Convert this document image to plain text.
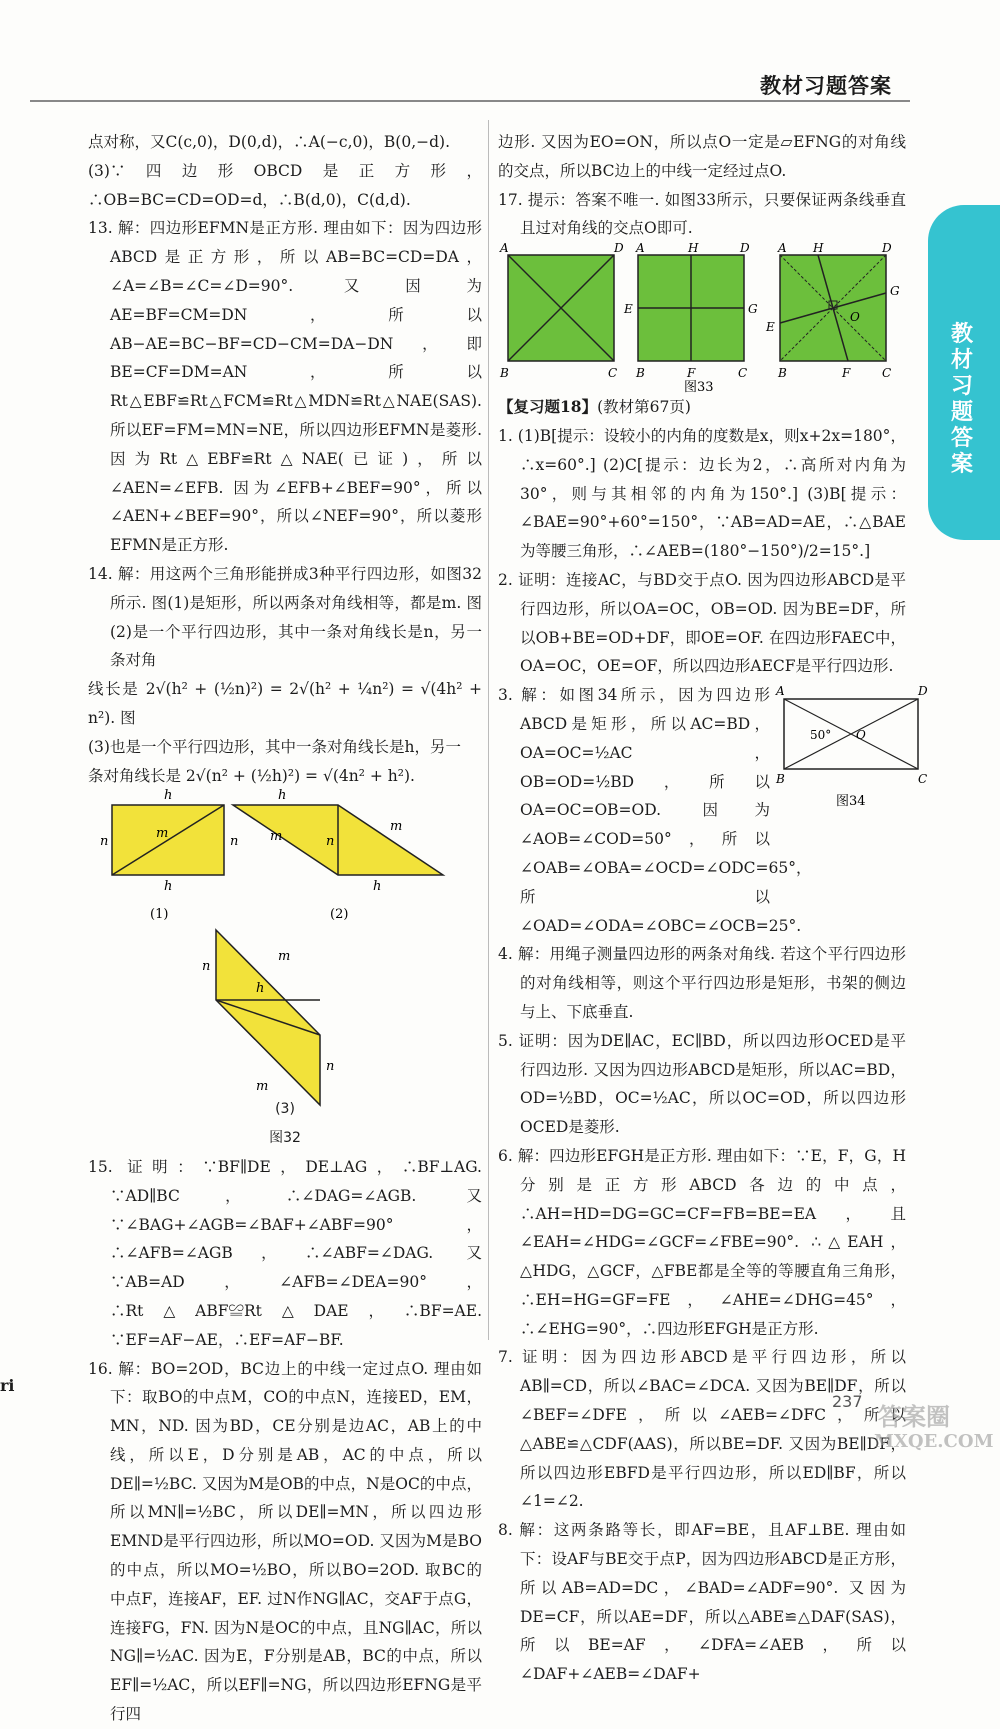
教材习题答案
教材习题答案

点对称，又C(c,0)，D(0,d)，∴A(−c,0)，B(0,−d).

(3)∵四边形OBCD是正方形，∴OB=BC=CD=OD=d，∴B(d,0)，C(d,d).

13. 解：四边形EFMN是正方形. 理由如下：因为四边形ABCD是正方形，所以AB=BC=CD=DA，∠A=∠B=∠C=∠D=90°. 又因为AE=BF=CM=DN，所以AB−AE=BC−BF=CD−CM=DA−DN，即BE=CF=DM=AN，所以Rt△EBF≌Rt△FCM≌Rt△MDN≌Rt△NAE(SAS). 所以EF=FM=MN=NE，所以四边形EFMN是菱形. 因为Rt△EBF≌Rt△NAE(已证)，所以∠AEN=∠EFB. 因为∠EFB+∠BEF=90°，所以∠AEN+∠BEF=90°，所以∠NEF=90°，所以菱形EFMN是正方形.

14. 解：用这两个三角形能拼成3种平行四边形，如图32所示. 图(1)是矩形，所以两条对角线相等，都是m. 图(2)是一个平行四边形，其中一条对角线长是n，另一条对角

线长是 2√(h² + (½n)²) = 2√(h² + ¼n²) = √(4h² + n²). 图

(3)也是一个平行四边形，其中一条对角线长是h，另一

条对角线长是 2√(n² + (½h)²) = √(4n² + h²).

h
h
n	n
m
(1)
h
h
n
m
m
(2)
n
n
h
m
m
(3)
图32

15. 证明：∵BF∥DE，DE⊥AG，∴BF⊥AG. ∵AD∥BC，∴∠DAG=∠AGB. 又∵∠BAG+∠AGB=∠BAF+∠ABF=90°，∴∠AFB=∠AGB，∴∠ABF=∠DAG. 又∵AB=AD，∠AFB=∠DEA=90°，∴Rt△ABF≌Rt△DAE，∴BF=AE. ∵EF=AF−AE，∴EF=AF−BF.

16. 解：BO=2OD，BC边上的中线一定过点O. 理由如下：取BO的中点M，CO的中点N，连接ED，EM，MN，ND. 因为BD，CE分别是边AC，AB上的中线，所以E，D分别是AB，AC的中点，所以DE∥=½BC. 又因为M是OB的中点，N是OC的中点，所以MN∥=½BC，所以DE∥=MN，所以四边形EMND是平行四边形，所以MO=OD. 又因为M是BO的中点，所以MO=½BO，所以BO=2OD. 取BC的中点F，连接AF，EF. 过N作NG∥AC，交AF于点G，连接FG，FN. 因为N是OC的中点，且NG∥AC，所以NG∥=½AC. 因为E，F分别是AB，BC的中点，所以EF∥=½AC，所以EF∥=NG，所以四边形EFNG是平行四

边形. 又因为EO=ON，所以点O一定是▱EFNG的对角线的交点，所以BC边上的中线一定经过点O.

17. 提示：答案不唯一. 如图33所示，只要保证两条线垂直且过对角线的交点O即可.

A	D
B	C
A	H	D
E	G
B	F	C
A H	D
E
G
O
B	F	C
图33

【复习题18】(教材第67页)

1. (1)B[提示：设较小的内角的度数是x，则x+2x=180°，∴x=60°.] (2)C[提示：边长为2，∴高所对内角为30°，则与其相邻的内角为150°.] (3)B[提示：∠BAE=90°+60°=150°，∵AB=AD=AE，∴△BAE为等腰三角形，∴∠AEB=(180°−150°)/2=15°.]

2. 证明：连接AC，与BD交于点O. 因为四边形ABCD是平行四边形，所以OA=OC，OB=OD. 因为BE=DF，所以OB+BE=OD+DF，即OE=OF. 在四边形FAEC中，OA=OC，OE=OF，所以四边形AECF是平行四边形.

3. 解：如图34所示，因为四边形ABCD是矩形，所以AC=BD，OA=OC=½AC，OB=OD=½BD，所以OA=OC=OB=OD. 因为∠AOB=∠COD=50°，所以∠OAB=∠OBA=∠OCD=∠ODC=65°，所以∠OAD=∠ODA=∠OBC=∠OCB=25°.

A	D
B	C
O
50°
图34

4. 解：用绳子测量四边形的两条对角线. 若这个平行四边形的对角线相等，则这个平行四边形是矩形，书架的侧边与上、下底垂直.

5. 证明：因为DE∥AC，EC∥BD，所以四边形OCED是平行四边形. 又因为四边形ABCD是矩形，所以AC=BD，OD=½BD，OC=½AC，所以OC=OD，所以四边形OCED是菱形.

6. 解：四边形EFGH是正方形. 理由如下：∵E，F，G，H分别是正方形ABCD各边的中点，∴AH=HD=DG=GC=CF=FB=BE=EA，且∠EAH=∠HDG=∠GCF=∠FBE=90°. ∴△EAH，△HDG，△GCF，△FBE都是全等的等腰直角三角形，∴EH=HG=GF=FE，∠AHE=∠DHG=45°，∴∠EHG=90°，∴四边形EFGH是正方形.

7. 证明：因为四边形ABCD是平行四边形，所以AB∥=CD，所以∠BAC=∠DCA. 又因为BE∥DF，所以∠BEF=∠DFE，所以∠AEB=∠DFC，所以△ABE≌△CDF(AAS)，所以BE=DF. 又因为BE∥DF，所以四边形EBFD是平行四边形，所以ED∥BF，所以∠1=∠2.

8. 解：这两条路等长，即AF=BE，且AF⊥BE. 理由如下：设AF与BE交于点P，因为四边形ABCD是正方形，所以AB=AD=DC，∠BAD=∠ADF=90°. 又因为DE=CF，所以AE=DF，所以△ABE≌△DAF(SAS)，所以BE=AF，∠DFA=∠AEB，所以∠DAF+∠AEB=∠DAF+

ri
237
答案圈
MXQE.COM
